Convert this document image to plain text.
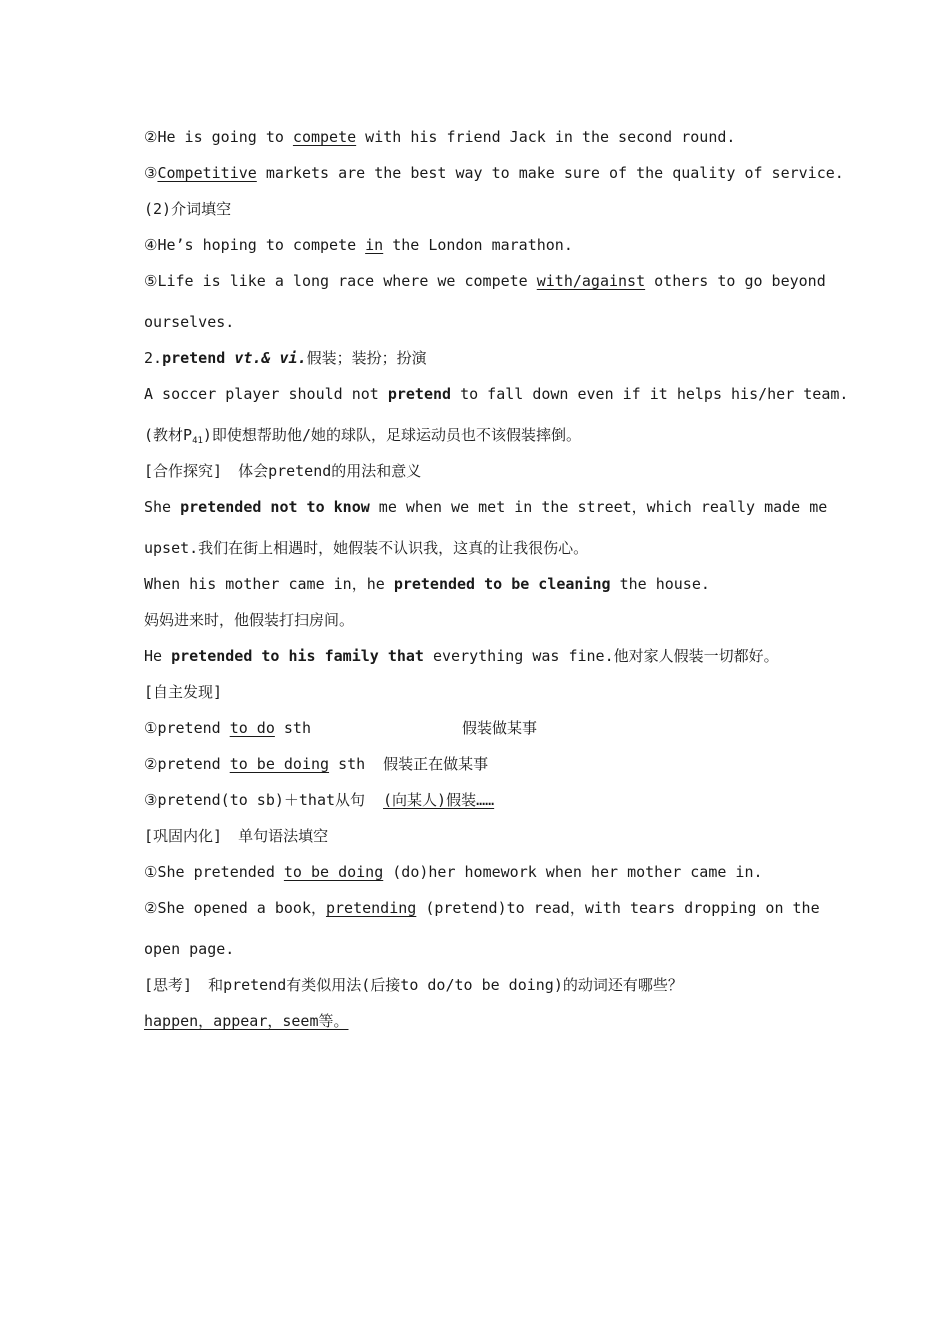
②He is going to compete with his friend Jack in the second round.
③Competitive markets are the best way to make sure of the quality of service.
(2)介词填空
④He’s hoping to compete in the London marathon.
⑤Life is like a long race where we compete with/against others to go beyond
ourselves.
2.pretend vt.& vi.假装；装扮；扮演
A soccer player should not pretend to fall down even if it helps his/her team.
(教材$P_{41}$)即使想帮助他/她的球队，足球运动员也不该假装摔倒。
[合作探究] 体会pretend的用法和意义
She pretended not to know me when we met in the street，which really made me
upset.我们在街上相遇时，她假装不认识我，这真的让我很伤心。
When his mother came in，he pretended to be cleaning the house.
妈妈进来时，他假装打扫房间。
He pretended to his family that everything was fine.他对家人假装一切都好。
[自主发现]
①pretend to do sth	假装做某事
②pretend to be doing sth 假装正在做某事
③pretend(to sb)＋that从句 (向某人)假装……
[巩固内化] 单句语法填空
①She pretended to be doing (do)her homework when her mother came in.
②She opened a book，pretending (pretend)to read，with tears dropping on the
open page.
[思考] 和pretend有类似用法(后接to do/to be doing)的动词还有哪些？
happen，appear，seem等。
